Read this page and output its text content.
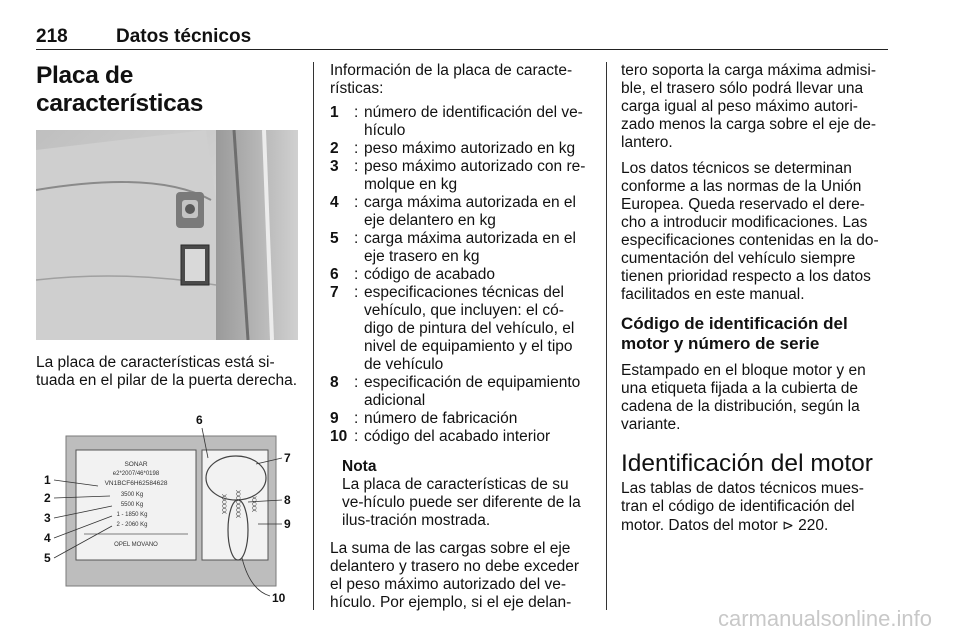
218	Datos técnicos
Placa de características

La placa de características está si-tuada en el pilar de la puerta derecha.

SONAR
e2*2007/46*0198
VN1BCF6H62584628
3500 Kg
5500 Kg
1 - 1850 Kg
2 - 2060 Kg
OPEL MOVANO
XXXXX XXXXXXX XXXX
1
2
3
4
5
6
7
8
9
10

Información de la placa de caracte-rísticas:

1 : número de identificación del ve-hículo
2 : peso máximo autorizado en kg
3 : peso máximo autorizado con re-molque en kg
4 : carga máxima autorizada en el eje delantero en kg
5 : carga máxima autorizada en el eje trasero en kg
6 : código de acabado
7 : especificaciones técnicas del vehículo, que incluyen: el có-digo de pintura del vehículo, el nivel de equipamiento y el tipo de vehículo
8 : especificación de equipamiento adicional
9 : número de fabricación
10 : código del acabado interior
Nota
La placa de características de su ve-hículo puede ser diferente de la ilus-tración mostrada.

La suma de las cargas sobre el eje delantero y trasero no debe exceder el peso máximo autorizado del ve-hículo. Por ejemplo, si el eje delan-

tero soporta la carga máxima admisi-ble, el trasero sólo podrá llevar una carga igual al peso máximo autori-zado menos la carga sobre el eje de-lantero.

Los datos técnicos se determinan conforme a las normas de la Unión Europea. Queda reservado el dere-cho a introducir modificaciones. Las especificaciones contenidas en la do-cumentación del vehículo siempre tienen prioridad respecto a los datos facilitados en este manual.

Código de identificación del motor y número de serie

Estampado en el bloque motor y en una etiqueta fijada a la cubierta de cadena de la distribución, según la variante.

Identificación del motor

Las tablas de datos técnicos mues-tran el código de identificación del motor. Datos del motor ⊳ 220.

carmanualsonline.info
